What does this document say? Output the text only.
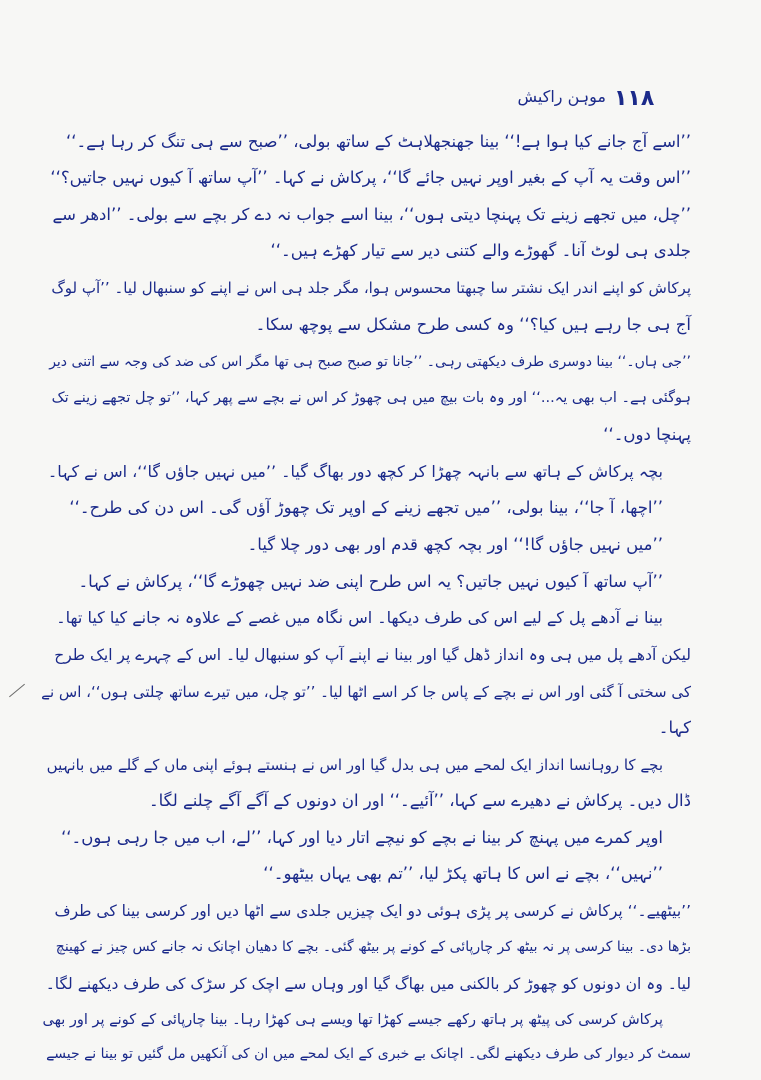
۱۱۸
موہن راکیش
’’اسے آج جانے کیا ہوا ہے!‘‘ بینا جھنجھلاہٹ کے ساتھ بولی، ’’صبح سے ہی تنگ کر رہا ہے۔‘‘
’’اس وقت یہ آپ کے بغیر اوپر نہیں جائے گا‘‘، پرکاش نے کہا۔ ’’آپ ساتھ آ کیوں نہیں جاتیں؟‘‘
’’چل، میں تجھے زینے تک پہنچا دیتی ہوں‘‘، بینا اسے جواب نہ دے کر بچے سے بولی۔ ’’ادھر سے
جلدی ہی لوٹ آنا۔ گھوڑے والے کتنی دیر سے تیار کھڑے ہیں۔‘‘
پرکاش کو اپنے اندر ایک نشتر سا چبھتا محسوس ہوا، مگر جلد ہی اس نے اپنے کو سنبھال لیا۔ ’’آپ لوگ
آج ہی جا رہے ہیں کیا؟‘‘ وہ کسی طرح مشکل سے پوچھ سکا۔
’’جی ہاں۔‘‘ بینا دوسری طرف دیکھتی رہی۔ ’’جانا تو صبح صبح ہی تھا مگر اس کی ضد کی وجہ سے اتنی دیر
ہوگئی ہے۔ اب بھی یہ...‘‘ اور وہ بات بیچ میں ہی چھوڑ کر اس نے بچے سے پھر کہا، ’’تو چل تجھے زینے تک
پہنچا دوں۔‘‘
بچہ پرکاش کے ہاتھ سے بانہہ چھڑا کر کچھ دور بھاگ گیا۔ ’’میں نہیں جاؤں گا‘‘، اس نے کہا۔
’’اچھا، آ جا‘‘، بینا بولی، ’’میں تجھے زینے کے اوپر تک چھوڑ آؤں گی۔ اس دن کی طرح۔‘‘
’’میں نہیں جاؤں گا!‘‘ اور بچہ کچھ قدم اور بھی دور چلا گیا۔
’’آپ ساتھ آ کیوں نہیں جاتیں؟ یہ اس طرح اپنی ضد نہیں چھوڑے گا‘‘، پرکاش نے کہا۔
بینا نے آدھے پل کے لیے اس کی طرف دیکھا۔ اس نگاہ میں غصے کے علاوہ نہ جانے کیا کیا تھا۔
لیکن آدھے پل میں ہی وہ انداز ڈھل گیا اور بینا نے اپنے آپ کو سنبھال لیا۔ اس کے چہرے پر ایک طرح
کی سختی آ گئی اور اس نے بچے کے پاس جا کر اسے اٹھا لیا۔ ’’تو چل، میں تیرے ساتھ چلتی ہوں‘‘، اس نے
کہا۔
بچے کا روہانسا انداز ایک لمحے میں ہی بدل گیا اور اس نے ہنستے ہوئے اپنی ماں کے گلے میں بانہیں
ڈال دیں۔ پرکاش نے دھیرے سے کہا، ’’آئیے۔‘‘ اور ان دونوں کے آگے آگے چلنے لگا۔
اوپر کمرے میں پہنچ کر بینا نے بچے کو نیچے اتار دیا اور کہا، ’’لے، اب میں جا رہی ہوں۔‘‘
’’نہیں‘‘، بچے نے اس کا ہاتھ پکڑ لیا، ’’تم بھی یہاں بیٹھو۔‘‘
’’بیٹھیے۔‘‘ پرکاش نے کرسی پر پڑی ہوئی دو ایک چیزیں جلدی سے اٹھا دیں اور کرسی بینا کی طرف
بڑھا دی۔ بینا کرسی پر نہ بیٹھ کر چارپائی کے کونے پر بیٹھ گئی۔ بچے کا دھیان اچانک نہ جانے کس چیز نے کھینچ
لیا۔ وہ ان دونوں کو چھوڑ کر بالکنی میں بھاگ گیا اور وہاں سے اچک کر سڑک کی طرف دیکھنے لگا۔
پرکاش کرسی کی پیٹھ پر ہاتھ رکھے جیسے کھڑا تھا ویسے ہی کھڑا رہا۔ بینا چارپائی کے کونے پر اور بھی
سمٹ کر دیوار کی طرف دیکھنے لگی۔ اچانک بے خبری کے ایک لمحے میں ان کی آنکھیں مل گئیں تو بینا نے جیسے
